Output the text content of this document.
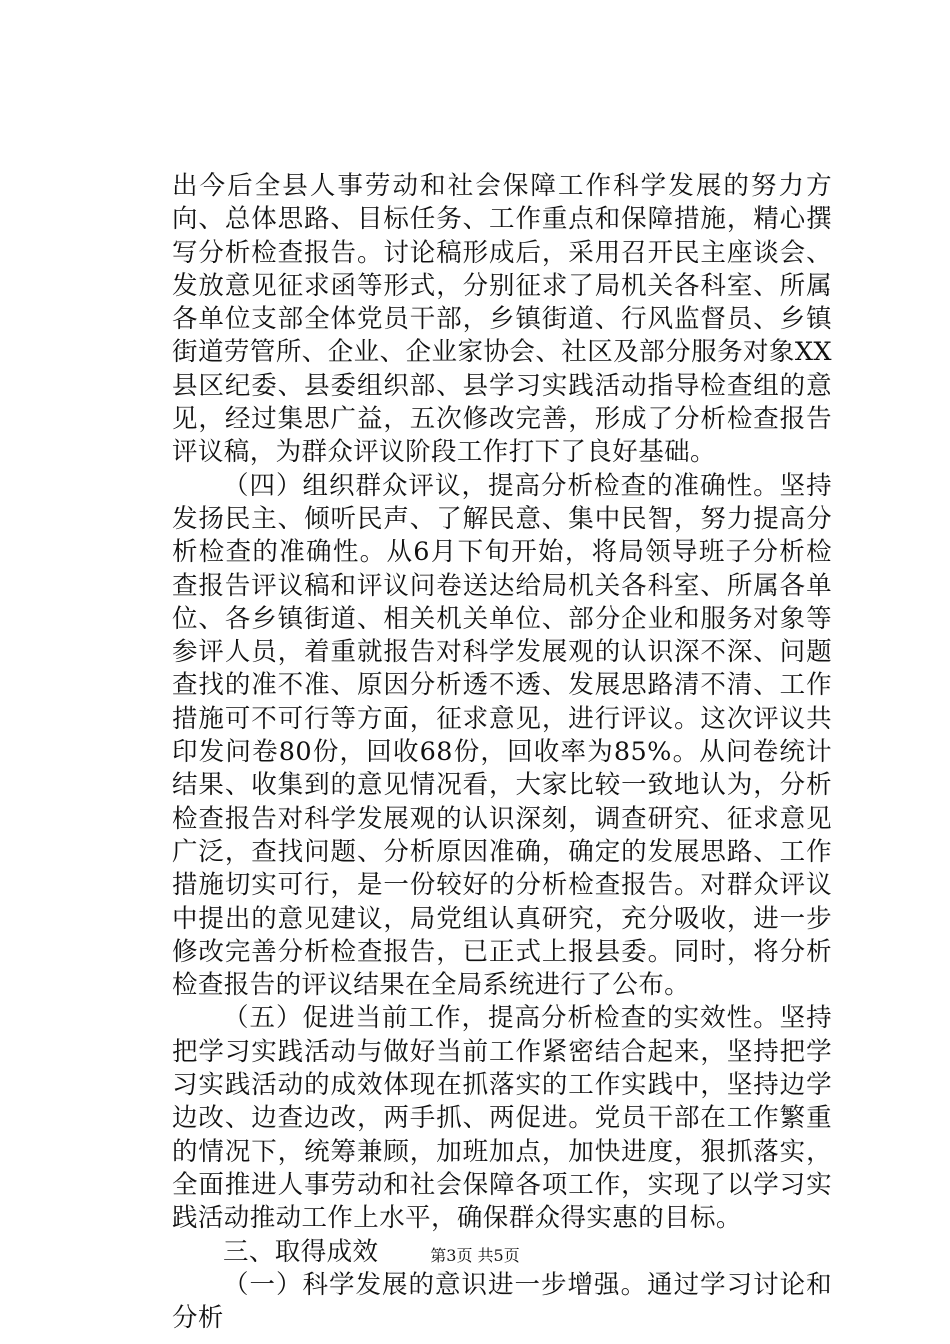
出今后全县人事劳动和社会保障工作科学发展的努力方向、总体思路、目标任务、工作重点和保障措施，精心撰写分析检查报告。讨论稿形成后，采用召开民主座谈会、发放意见征求函等形式，分别征求了局机关各科室、所属各单位支部全体党员干部，乡镇街道、行风监督员、乡镇街道劳管所、企业、企业家协会、社区及部分服务对象XX县区纪委、县委组织部、县学习实践活动指导检查组的意见，经过集思广益，五次修改完善，形成了分析检查报告评议稿，为群众评议阶段工作打下了良好基础。

（四）组织群众评议，提高分析检查的准确性。坚持发扬民主、倾听民声、了解民意、集中民智，努力提高分析检查的准确性。从6月下旬开始，将局领导班子分析检查报告评议稿和评议问卷送达给局机关各科室、所属各单位、各乡镇街道、相关机关单位、部分企业和服务对象等参评人员，着重就报告对科学发展观的认识深不深、问题查找的准不准、原因分析透不透、发展思路清不清、工作措施可不可行等方面，征求意见，进行评议。这次评议共印发问卷80份，回收68份，回收率为85%。从问卷统计结果、收集到的意见情况看，大家比较一致地认为，分析检查报告对科学发展观的认识深刻，调查研究、征求意见广泛，查找问题、分析原因准确，确定的发展思路、工作措施切实可行，是一份较好的分析检查报告。对群众评议中提出的意见建议，局党组认真研究，充分吸收，进一步修改完善分析检查报告，已正式上报县委。同时，将分析检查报告的评议结果在全局系统进行了公布。

（五）促进当前工作，提高分析检查的实效性。坚持把学习实践活动与做好当前工作紧密结合起来，坚持把学习实践活动的成效体现在抓落实的工作实践中，坚持边学边改、边查边改，两手抓、两促进。党员干部在工作繁重的情况下，统筹兼顾，加班加点，加快进度，狠抓落实，全面推进人事劳动和社会保障各项工作，实现了以学习实践活动推动工作上水平，确保群众得实惠的目标。

三、取得成效

（一）科学发展的意识进一步增强。通过学习讨论和分析

第3页 共5页
